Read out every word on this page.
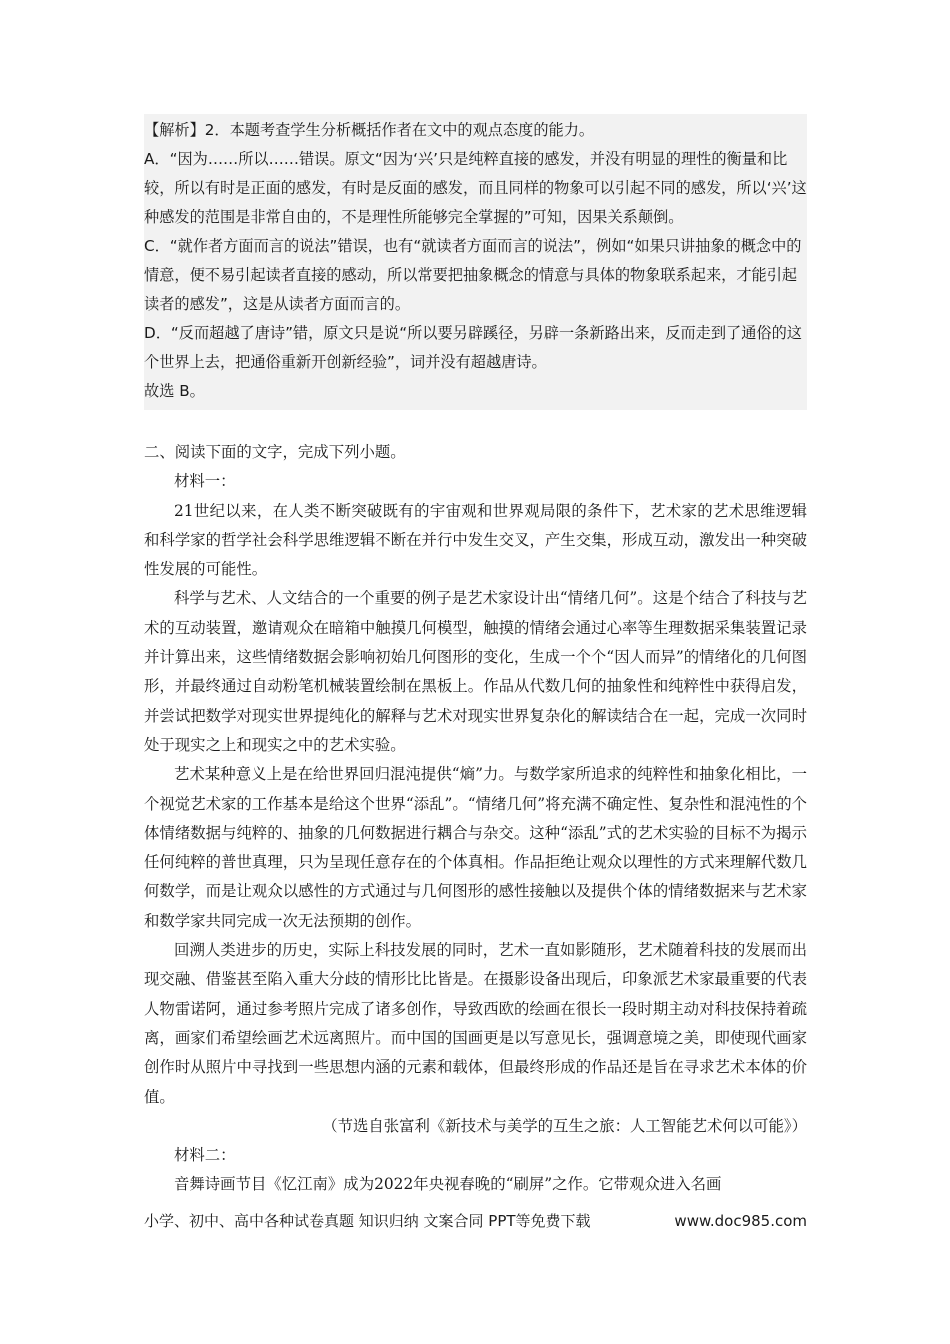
【解析】2．本题考查学生分析概括作者在文中的观点态度的能力。

A．“因为……所以……错误。原文“因为‘兴’只是纯粹直接的感发，并没有明显的理性的衡量和比较，所以有时是正面的感发，有时是反面的感发，而且同样的物象可以引起不同的感发，所以‘兴’这种感发的范围是非常自由的，不是理性所能够完全掌握的”可知，因果关系颠倒。

C．“就作者方面而言的说法”错误，也有“就读者方面而言的说法”，例如“如果只讲抽象的概念中的情意，便不易引起读者直接的感动，所以常要把抽象概念的情意与具体的物象联系起来，才能引起读者的感发”，这是从读者方面而言的。

D．“反而超越了唐诗”错，原文只是说“所以要另辟蹊径，另辟一条新路出来，反而走到了通俗的这个世界上去，把通俗重新开创新经验”，词并没有超越唐诗。

故选 B。

二、阅读下面的文字，完成下列小题。

材料一：

21世纪以来，在人类不断突破既有的宇宙观和世界观局限的条件下，艺术家的艺术思维逻辑和科学家的哲学社会科学思维逻辑不断在并行中发生交叉，产生交集，形成互动，激发出一种突破性发展的可能性。

科学与艺术、人文结合的一个重要的例子是艺术家设计出“情绪几何”。这是个结合了科技与艺术的互动装置，邀请观众在暗箱中触摸几何模型，触摸的情绪会通过心率等生理数据采集装置记录并计算出来，这些情绪数据会影响初始几何图形的变化，生成一个个“因人而异”的情绪化的几何图形，并最终通过自动粉笔机械装置绘制在黑板上。作品从代数几何的抽象性和纯粹性中获得启发，并尝试把数学对现实世界提纯化的解释与艺术对现实世界复杂化的解读结合在一起，完成一次同时处于现实之上和现实之中的艺术实验。

艺术某种意义上是在给世界回归混沌提供“熵”力。与数学家所追求的纯粹性和抽象化相比，一个视觉艺术家的工作基本是给这个世界“添乱”。“情绪几何”将充满不确定性、复杂性和混沌性的个体情绪数据与纯粹的、抽象的几何数据进行耦合与杂交。这种“添乱”式的艺术实验的目标不为揭示任何纯粹的普世真理，只为呈现任意存在的个体真相。作品拒绝让观众以理性的方式来理解代数几何数学，而是让观众以感性的方式通过与几何图形的感性接触以及提供个体的情绪数据来与艺术家和数学家共同完成一次无法预期的创作。

回溯人类进步的历史，实际上科技发展的同时，艺术一直如影随形，艺术随着科技的发展而出现交融、借鉴甚至陷入重大分歧的情形比比皆是。在摄影设备出现后，印象派艺术家最重要的代表人物雷诺阿，通过参考照片完成了诸多创作，导致西欧的绘画在很长一段时期主动对科技保持着疏离，画家们希望绘画艺术远离照片。而中国的国画更是以写意见长，强调意境之美，即使现代画家创作时从照片中寻找到一些思想内涵的元素和载体，但最终形成的作品还是旨在寻求艺术本体的价值。

（节选自张富利《新技术与美学的互生之旅：人工智能艺术何以可能》）

材料二：

音舞诗画节目《忆江南》成为2022年央视春晚的“刷屏”之作。它带观众进入名画

小学、初中、高中各种试卷真题 知识归纳 文案合同 PPT等免费下载	www.doc985.com
